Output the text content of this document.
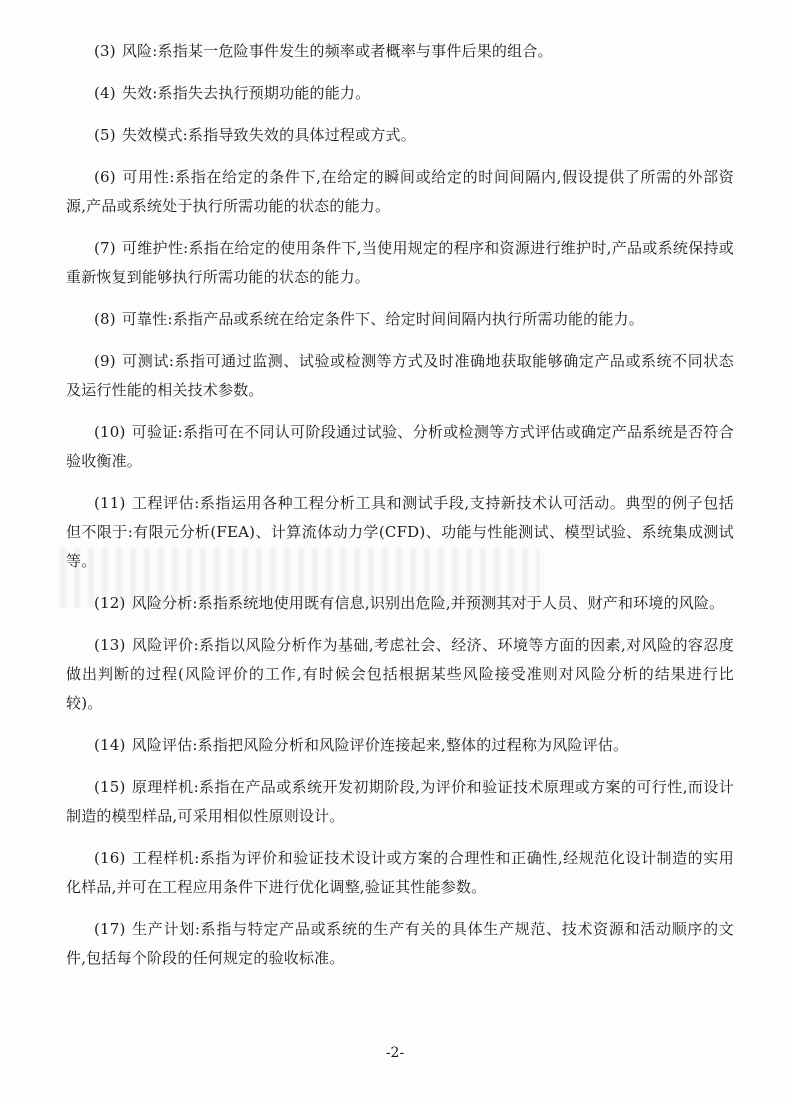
(3) 风险:系指某一危险事件发生的频率或者概率与事件后果的组合。

(4) 失效:系指失去执行预期功能的能力。

(5) 失效模式:系指导致失效的具体过程或方式。

(6) 可用性:系指在给定的条件下,在给定的瞬间或给定的时间间隔内,假设提供了所需的外部资源,产品或系统处于执行所需功能的状态的能力。

(7) 可维护性:系指在给定的使用条件下,当使用规定的程序和资源进行维护时,产品或系统保持或重新恢复到能够执行所需功能的状态的能力。

(8) 可靠性:系指产品或系统在给定条件下、给定时间间隔内执行所需功能的能力。

(9) 可测试:系指可通过监测、试验或检测等方式及时准确地获取能够确定产品或系统不同状态及运行性能的相关技术参数。

(10) 可验证:系指可在不同认可阶段通过试验、分析或检测等方式评估或确定产品系统是否符合验收衡准。

(11) 工程评估:系指运用各种工程分析工具和测试手段,支持新技术认可活动。典型的例子包括但不限于:有限元分析(FEA)、计算流体动力学(CFD)、功能与性能测试、模型试验、系统集成测试等。

(12) 风险分析:系指系统地使用既有信息,识别出危险,并预测其对于人员、财产和环境的风险。

(13) 风险评价:系指以风险分析作为基础,考虑社会、经济、环境等方面的因素,对风险的容忍度做出判断的过程(风险评价的工作,有时候会包括根据某些风险接受准则对风险分析的结果进行比较)。

(14) 风险评估:系指把风险分析和风险评价连接起来,整体的过程称为风险评估。

(15) 原理样机:系指在产品或系统开发初期阶段,为评价和验证技术原理或方案的可行性,而设计制造的模型样品,可采用相似性原则设计。

(16) 工程样机:系指为评价和验证技术设计或方案的合理性和正确性,经规范化设计制造的实用化样品,并可在工程应用条件下进行优化调整,验证其性能参数。

(17) 生产计划:系指与特定产品或系统的生产有关的具体生产规范、技术资源和活动顺序的文件,包括每个阶段的任何规定的验收标准。

-2-
